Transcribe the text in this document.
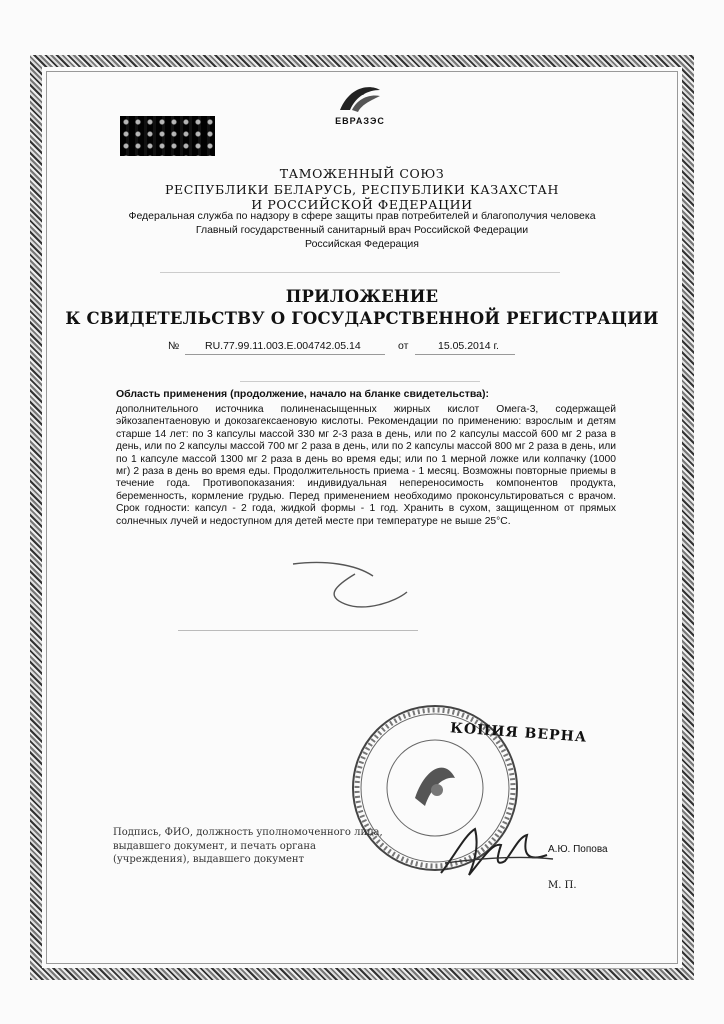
ЕВРАЗЭС
ТАМОЖЕННЫЙ СОЮЗ
РЕСПУБЛИКИ БЕЛАРУСЬ, РЕСПУБЛИКИ КАЗАХСТАН
И РОССИЙСКОЙ ФЕДЕРАЦИИ
Федеральная служба по надзору в сфере защиты прав потребителей и благополучия человека
Главный государственный санитарный врач Российской Федерации
Российская Федерация
ПРИЛОЖЕНИЕ
К СВИДЕТЕЛЬСТВУ О ГОСУДАРСТВЕННОЙ РЕГИСТРАЦИИ
№ RU.77.99.11.003.E.004742.05.14	от	15.05.2014 г.
Область применения (продолжение, начало на бланке свидетельства):
дополнительного источника полиненасыщенных жирных кислот Омега-3, содержащей эйкозапентаеновую и докозагексаеновую кислоты. Рекомендации по применению: взрослым и детям старше 14 лет: по 3 капсулы массой 330 мг 2-3 раза в день, или по 2 капсулы массой 600 мг 2 раза в день, или по 2 капсулы массой 700 мг 2 раза в день, или по 2 капсулы массой 800 мг 2 раза в день, или по 1 капсуле массой 1300 мг 2 раза в день во время еды; или по 1 мерной ложке или колпачку (1000 мг) 2 раза в день во время еды. Продолжительность приема - 1 месяц. Возможны повторные приемы в течение года. Противопоказания: индивидуальная непереносимость компонентов продукта, беременность, кормление грудью. Перед применением необходимо проконсультироваться с врачом. Срок годности: капсул - 2 года, жидкой формы - 1 год. Хранить в сухом, защищенном от прямых солнечных лучей и недоступном для детей месте при температуре не выше 25°С.
КОПИЯ ВЕРНА
Подпись, ФИО, должность уполномоченного лица, выдавшего документ, и печать органа (учреждения), выдавшего документ
А.Ю. Попова
М. П.
